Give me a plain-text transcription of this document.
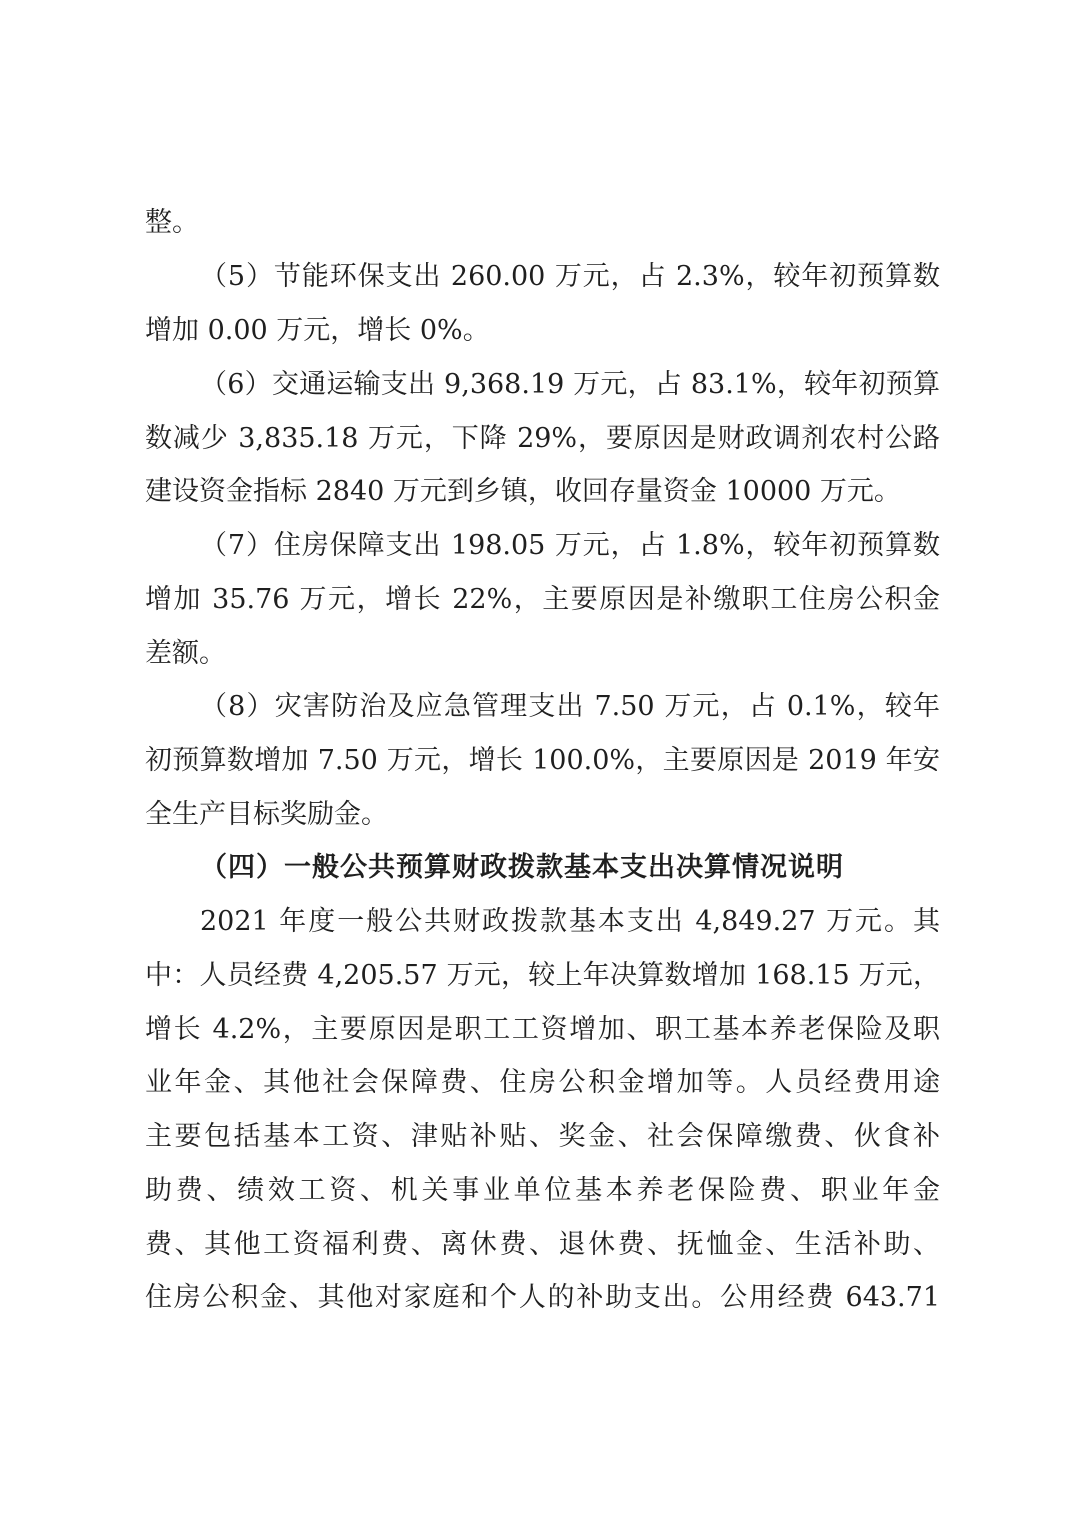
整。
（5）节能环保支出 260.00 万元，占 2.3%，较年初预算数
增加 0.00 万元，增长 0%。
（6）交通运输支出 9,368.19 万元，占 83.1%，较年初预算
数减少 3,835.18 万元，下降 29%，要原因是财政调剂农村公路
建设资金指标 2840 万元到乡镇，收回存量资金 10000 万元。
（7）住房保障支出 198.05 万元，占 1.8%，较年初预算数
增加 35.76 万元，增长 22%，主要原因是补缴职工住房公积金
差额。
（8）灾害防治及应急管理支出 7.50 万元，占 0.1%，较年
初预算数增加 7.50 万元，增长 100.0%，主要原因是 2019 年安
全生产目标奖励金。
（四）一般公共预算财政拨款基本支出决算情况说明
2021 年度一般公共财政拨款基本支出 4,849.27 万元。其
中：人员经费 4,205.57 万元，较上年决算数增加 168.15 万元，
增长 4.2%，主要原因是职工工资增加、职工基本养老保险及职
业年金、其他社会保障费、住房公积金增加等。人员经费用途
主要包括基本工资、津贴补贴、奖金、社会保障缴费、伙食补
助费、绩效工资、机关事业单位基本养老保险费、职业年金
费、其他工资福利费、离休费、退休费、抚恤金、生活补助、
住房公积金、其他对家庭和个人的补助支出。公用经费 643.71
